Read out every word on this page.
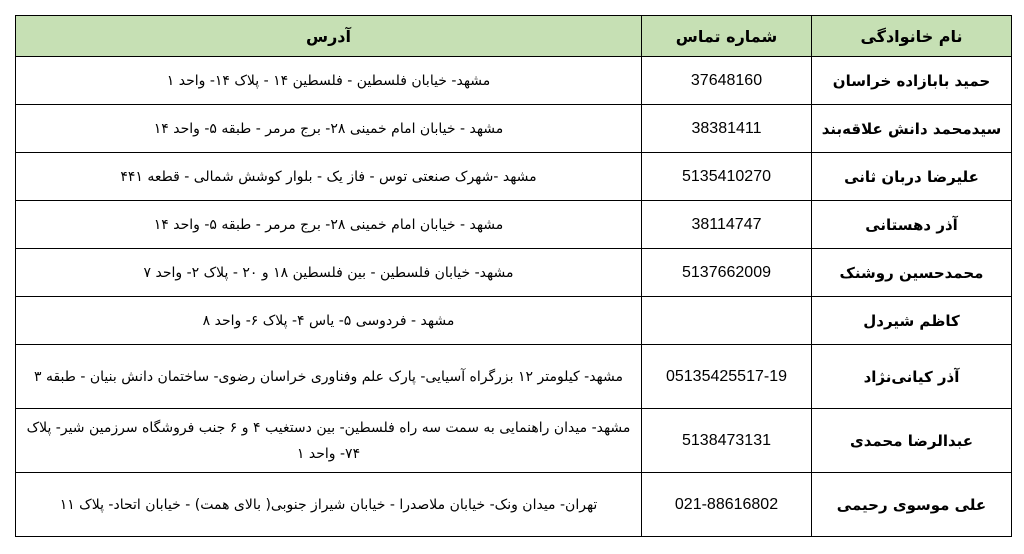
نام خانوادگی	شماره تماس	آدرس
حمید بابازاده خراسان	37648160	مشهد- خیابان فلسطین - فلسطین ۱۴ - پلاک ۱۴- واحد ۱
سیدمحمد دانش علاقه‌بند	38381411	مشهد - خیابان امام خمینی ۲۸- برج مرمر - طبقه ۵- واحد ۱۴
علیرضا دربان ثانی	5135410270	مشهد -شهرک صنعتی توس - فاز یک - بلوار کوشش شمالی - قطعه ۴۴۱
آذر دهستانی	38114747	مشهد - خیابان امام خمینی ۲۸- برج مرمر - طبقه ۵- واحد ۱۴
محمدحسین روشنک	5137662009	مشهد- خیابان فلسطین - بین فلسطین ۱۸ و ۲۰ - پلاک ۲- واحد ۷
کاظم شیردل		مشهد - فردوسی ۵- یاس ۴- پلاک ۶- واحد ۸
آذر کیانی‌نژاد	05135425517-19	مشهد- کیلومتر ۱۲ بزرگراه آسیایی- پارک علم وفناوری خراسان رضوی- ساختمان دانش بنیان - طبقه ۳
عبدالرضا محمدی	5138473131	مشهد- میدان راهنمایی به سمت سه راه فلسطین- بین دستغیب ۴ و ۶ جنب فروشگاه سرزمین شیر- پلاک ۷۴- واحد ۱
علی موسوی رحیمی	021-88616802	تهران- میدان ونک- خیابان ملاصدرا - خیابان شیراز جنوبی( بالای همت) - خیابان اتحاد- پلاک ۱۱
